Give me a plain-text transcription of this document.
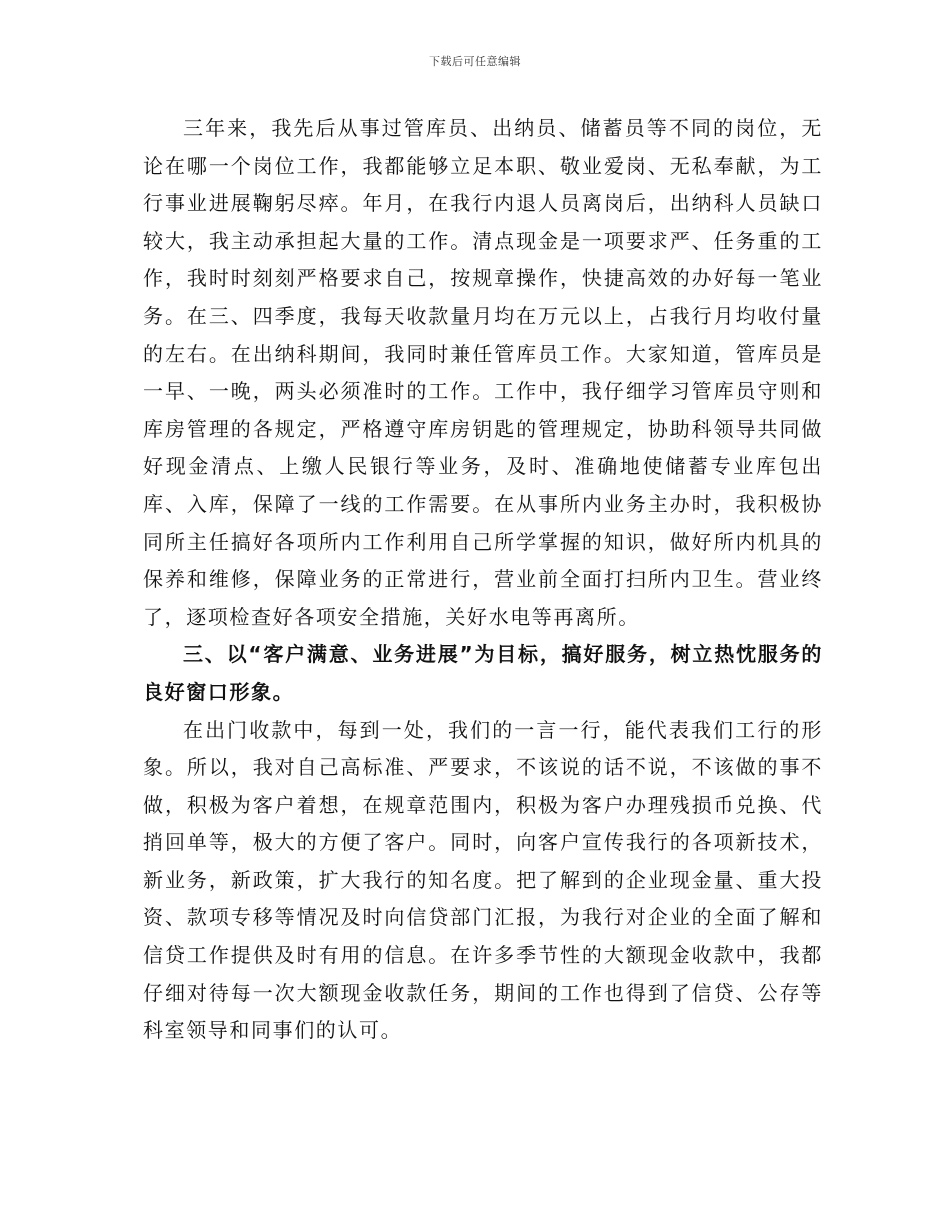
下载后可任意编辑

三年来，我先后从事过管库员、出纳员、储蓄员等不同的岗位，无论在哪一个岗位工作，我都能够立足本职、敬业爱岗、无私奉献，为工行事业进展鞠躬尽瘁。年月，在我行内退人员离岗后，出纳科人员缺口较大，我主动承担起大量的工作。清点现金是一项要求严、任务重的工作，我时时刻刻严格要求自己，按规章操作，快捷高效的办好每一笔业务。在三、四季度，我每天收款量月均在万元以上，占我行月均收付量的左右。在出纳科期间，我同时兼任管库员工作。大家知道，管库员是一早、一晚，两头必须准时的工作。工作中，我仔细学习管库员守则和库房管理的各规定，严格遵守库房钥匙的管理规定，协助科领导共同做好现金清点、上缴人民银行等业务，及时、准确地使储蓄专业库包出库、入库，保障了一线的工作需要。在从事所内业务主办时，我积极协同所主任搞好各项所内工作利用自己所学掌握的知识，做好所内机具的保养和维修，保障业务的正常进行，营业前全面打扫所内卫生。营业终了，逐项检查好各项安全措施，关好水电等再离所。

三、以“客户满意、业务进展”为目标，搞好服务，树立热忱服务的良好窗口形象。

在出门收款中，每到一处，我们的一言一行，能代表我们工行的形象。所以，我对自己高标准、严要求，不该说的话不说，不该做的事不做，积极为客户着想，在规章范围内，积极为客户办理残损币兑换、代捎回单等，极大的方便了客户。同时，向客户宣传我行的各项新技术，新业务，新政策，扩大我行的知名度。把了解到的企业现金量、重大投资、款项专移等情况及时向信贷部门汇报，为我行对企业的全面了解和信贷工作提供及时有用的信息。在许多季节性的大额现金收款中，我都仔细对待每一次大额现金收款任务，期间的工作也得到了信贷、公存等科室领导和同事们的认可。
